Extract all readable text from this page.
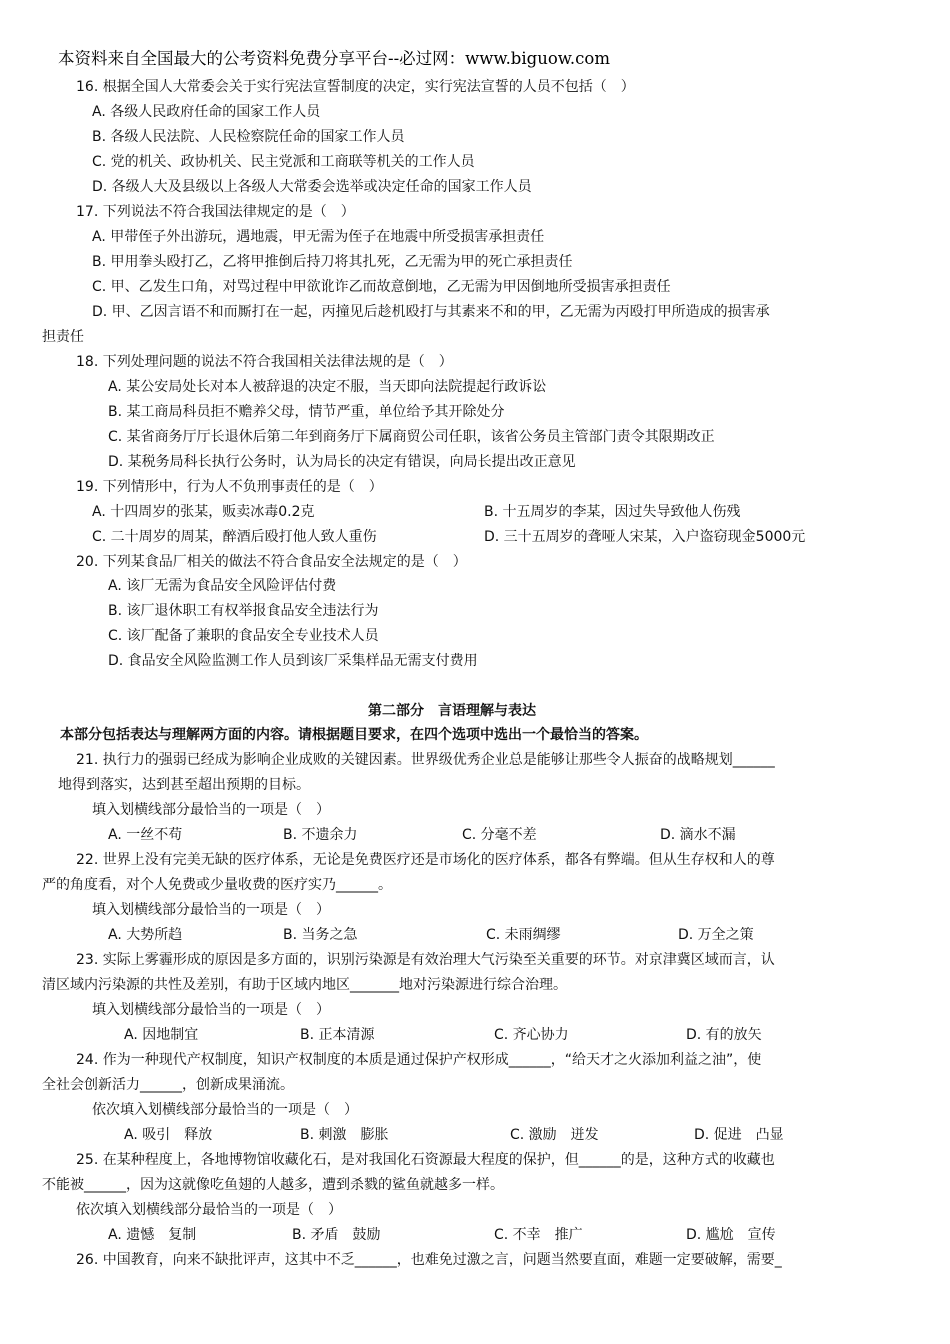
本资料来自全国最大的公考资料免费分享平台--必过网：www.biguow.com
16. 根据全国人大常委会关于实行宪法宣誓制度的决定，实行宪法宣誓的人员不包括（　）
A. 各级人民政府任命的国家工作人员
B. 各级人民法院、人民检察院任命的国家工作人员
C. 党的机关、政协机关、民主党派和工商联等机关的工作人员
D. 各级人大及县级以上各级人大常委会选举或决定任命的国家工作人员
17. 下列说法不符合我国法律规定的是（　）
A. 甲带侄子外出游玩，遇地震，甲无需为侄子在地震中所受损害承担责任
B. 甲用拳头殴打乙，乙将甲推倒后持刀将其扎死，乙无需为甲的死亡承担责任
C. 甲、乙发生口角，对骂过程中甲欲讹诈乙而故意倒地，乙无需为甲因倒地所受损害承担责任
D. 甲、乙因言语不和而厮打在一起，丙撞见后趁机殴打与其素来不和的甲，乙无需为丙殴打甲所造成的损害承
担责任
18. 下列处理问题的说法不符合我国相关法律法规的是（　）
A. 某公安局处长对本人被辞退的决定不服，当天即向法院提起行政诉讼
B. 某工商局科员拒不赡养父母，情节严重，单位给予其开除处分
C. 某省商务厅厅长退休后第二年到商务厅下属商贸公司任职，该省公务员主管部门责令其限期改正
D. 某税务局科长执行公务时，认为局长的决定有错误，向局长提出改正意见
19. 下列情形中，行为人不负刑事责任的是（　）
A. 十四周岁的张某，贩卖冰毒0.2克	B. 十五周岁的李某，因过失导致他人伤残
C. 二十周岁的周某，醉酒后殴打他人致人重伤	D. 三十五周岁的聋哑人宋某，入户盗窃现金5000元
20. 下列某食品厂相关的做法不符合食品安全法规定的是（　）
A. 该厂无需为食品安全风险评估付费
B. 该厂退休职工有权举报食品安全违法行为
C. 该厂配备了兼职的食品安全专业技术人员
D. 食品安全风险监测工作人员到该厂采集样品无需支付费用
第二部分　言语理解与表达
本部分包括表达与理解两方面的内容。请根据题目要求，在四个选项中选出一个最恰当的答案。
21. 执行力的强弱已经成为影响企业成败的关键因素。世界级优秀企业总是能够让那些令人振奋的战略规划______
地得到落实，达到甚至超出预期的目标。
填入划横线部分最恰当的一项是（　）
A. 一丝不苟	B. 不遗余力	C. 分毫不差	D. 滴水不漏
22. 世界上没有完美无缺的医疗体系，无论是免费医疗还是市场化的医疗体系，都各有弊端。但从生存权和人的尊
严的角度看，对个人免费或少量收费的医疗实乃______。
填入划横线部分最恰当的一项是（　）
A. 大势所趋	B. 当务之急	C. 未雨绸缪	D. 万全之策
23. 实际上雾霾形成的原因是多方面的，识别污染源是有效治理大气污染至关重要的环节。对京津冀区域而言，认
清区域内污染源的共性及差别，有助于区域内地区_______地对污染源进行综合治理。
填入划横线部分最恰当的一项是（　）
A. 因地制宜	B. 正本清源	C. 齐心协力	D. 有的放矢
24. 作为一种现代产权制度，知识产权制度的本质是通过保护产权形成______，“给天才之火添加利益之油”，使
全社会创新活力______，创新成果涌流。
依次填入划横线部分最恰当的一项是（　）
A. 吸引　释放	B. 刺激　膨胀	C. 激励　迸发	D. 促进　凸显
25. 在某种程度上，各地博物馆收藏化石，是对我国化石资源最大程度的保护，但______的是，这种方式的收藏也
不能被______，因为这就像吃鱼翅的人越多，遭到杀戮的鲨鱼就越多一样。
依次填入划横线部分最恰当的一项是（　）
A. 遗憾　复制	B. 矛盾　鼓励	C. 不幸　推广	D. 尴尬　宣传
26. 中国教育，向来不缺批评声，这其中不乏______，也难免过激之言，问题当然要直面，难题一定要破解，需要_
